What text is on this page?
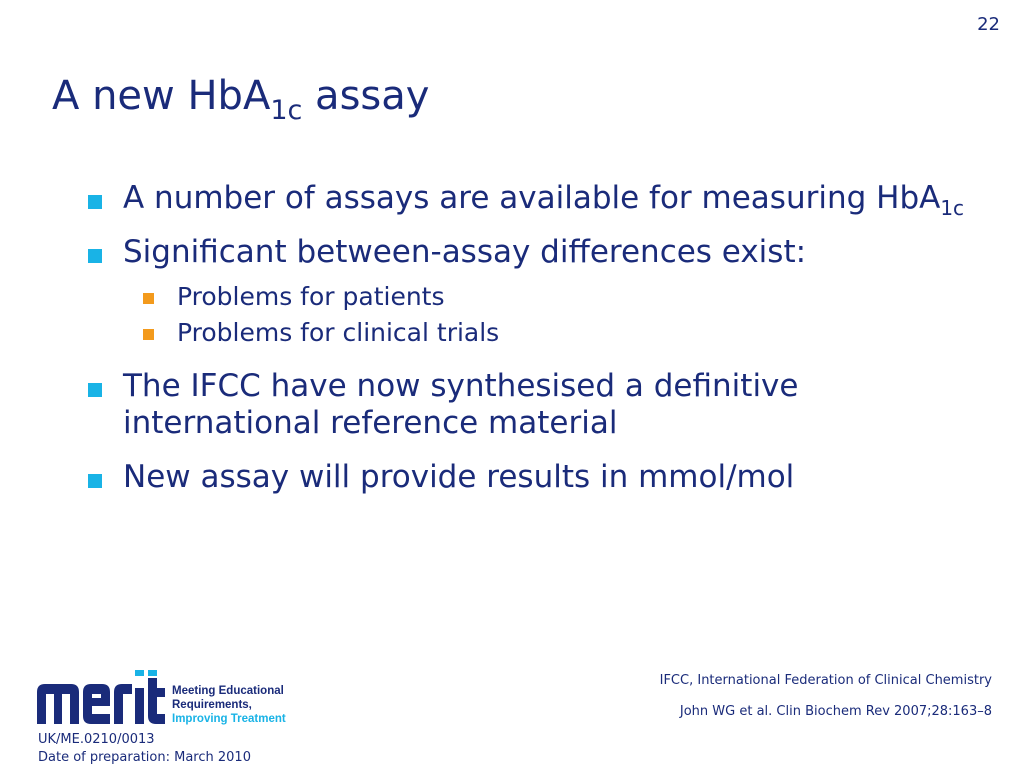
22
A new HbA$_{1c}$ assay
A number of assays are available for measuring HbA$_{1c}$
Significant between-assay differences exist:
Problems for patients
Problems for clinical trials
The IFCC have now synthesised a definitive international reference material
New assay will provide results in mmol/mol
Meeting Educational
Requirements,
Improving Treatment
UK/ME.0210/0013
Date of preparation: March 2010
IFCC, International Federation of Clinical Chemistry
John WG et al. Clin Biochem Rev 2007;28:163–8
